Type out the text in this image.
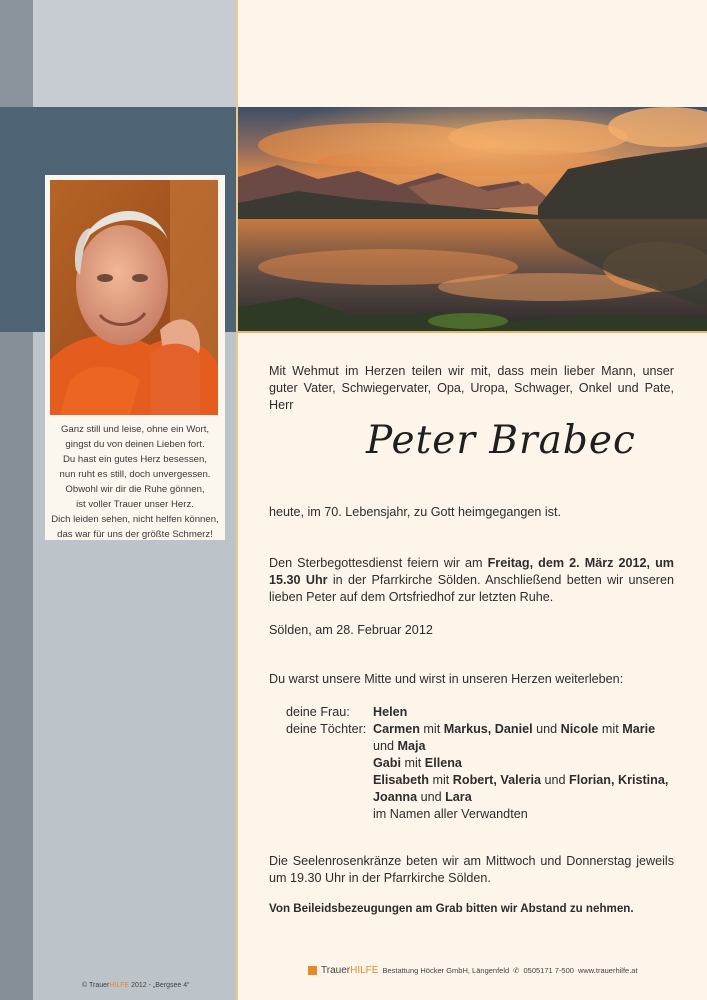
Ganz still und leise, ohne ein Wort,
gingst du von deinen Lieben fort.
Du hast ein gutes Herz besessen,
nun ruht es still, doch unvergessen.
Obwohl wir dir die Ruhe gönnen,
ist voller Trauer unser Herz.
Dich leiden sehen, nicht helfen können,
das war für uns der größte Schmerz!
Mit Wehmut im Herzen teilen wir mit, dass mein lieber Mann, unser
guter Vater, Schwiegervater, Opa, Uropa, Schwager, Onkel und Pate, Herr
Peter Brabec
heute, im 70. Lebensjahr, zu Gott heimgegangen ist.
Den Sterbegottesdienst feiern wir am Freitag, dem 2. März 2012, um
15.30 Uhr in der Pfarrkirche Sölden. Anschließend betten wir unseren
lieben Peter auf dem Ortsfriedhof zur letzten Ruhe.
Sölden, am 28. Februar 2012
Du warst unsere Mitte und wirst in unseren Herzen weiterleben:
deine Frau:
deine Töchter:
Helen
Carmen mit Markus, Daniel und Nicole mit Marie
und Maja
Gabi mit Ellena
Elisabeth mit Robert, Valeria und Florian, Kristina,
Joanna und Lara
im Namen aller Verwandten
Die Seelenrosenkränze beten wir am Mittwoch und Donnerstag jeweils
um 19.30 Uhr in der Pfarrkirche Sölden.
Von Beileidsbezeugungen am Grab bitten wir Abstand zu nehmen.
TrauerHILFE Bestattung Höcker GmbH, Längenfeld ✆ 0505171 7-500 www.trauerhilfe.at
© TrauerHILFE 2012 - „Bergsee 4“
